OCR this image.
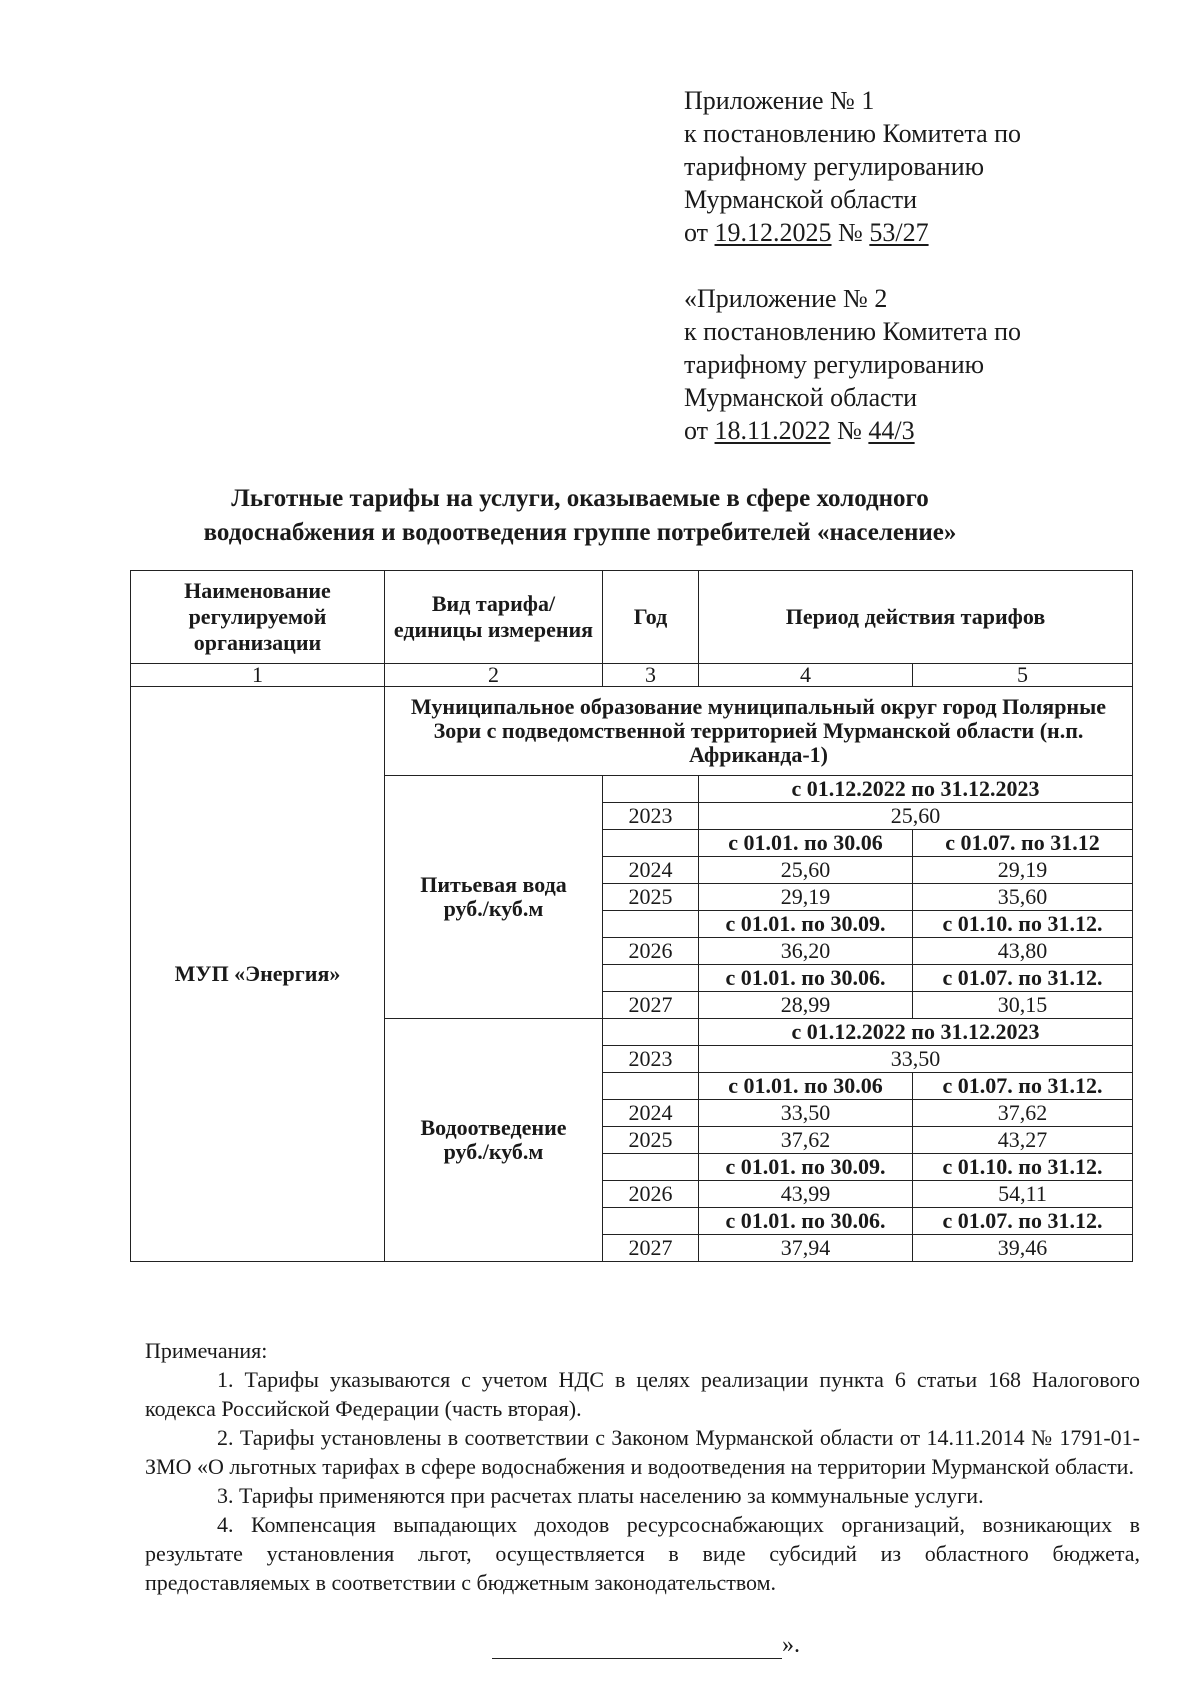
Приложение № 1
к постановлению Комитета по
тарифному регулированию
Мурманской области
от 19.12.2025 № 53/27
«Приложение № 2
к постановлению Комитета по
тарифному регулированию
Мурманской области
от 18.11.2022 № 44/3
Льготные тарифы на услуги, оказываемые в сфере холодного
водоснабжения и водоотведения группе потребителей «население»
Наименование регулируемой организации	Вид тарифа/единицы измерения	Год	Период действия тарифов	
1	2	3	4	5
МУП «Энергия»	Муниципальное образование муниципальный округ город Полярные Зори с подведомственной территорией Мурманской области (н.п. Африканда-1)			

	Питьевая вода
руб./куб.м		с 01.12.2022 по 31.12.2023	
		2023	25,60	
			с 01.01. по 30.06	с 01.07. по 31.12
		2024	25,60	29,19
		2025	29,19	35,60
			с 01.01. по 30.09.	с 01.10. по 31.12.
		2026	36,20	43,80
			с 01.01. по 30.06.	с 01.07. по 31.12.
		2027	28,99	30,15

	Водоотведение
руб./куб.м		с 01.12.2022 по 31.12.2023	
		2023	33,50	
			с 01.01. по 30.06	с 01.07. по 31.12.
		2024	33,50	37,62
		2025	37,62	43,27
			с 01.01. по 30.09.	с 01.10. по 31.12.
		2026	43,99	54,11
			с 01.01. по 30.06.	с 01.07. по 31.12.
		2027	37,94	39,46

Примечания:

1. Тарифы указываются с учетом НДС в целях реализации пункта 6 статьи 168 Налогового кодекса Российской Федерации (часть вторая).

2. Тарифы установлены в соответствии с Законом Мурманской области от 14.11.2014 № 1791-01-ЗМО «О льготных тарифах в сфере водоснабжения и водоотведения на территории Мурманской области.

3. Тарифы применяются при расчетах платы населению за коммунальные услуги.

4. Компенсация выпадающих доходов ресурсоснабжающих организаций, возникающих в результате установления льгот, осуществляется в виде субсидий из областного бюджета, предоставляемых в соответствии с бюджетным законодательством.

».
